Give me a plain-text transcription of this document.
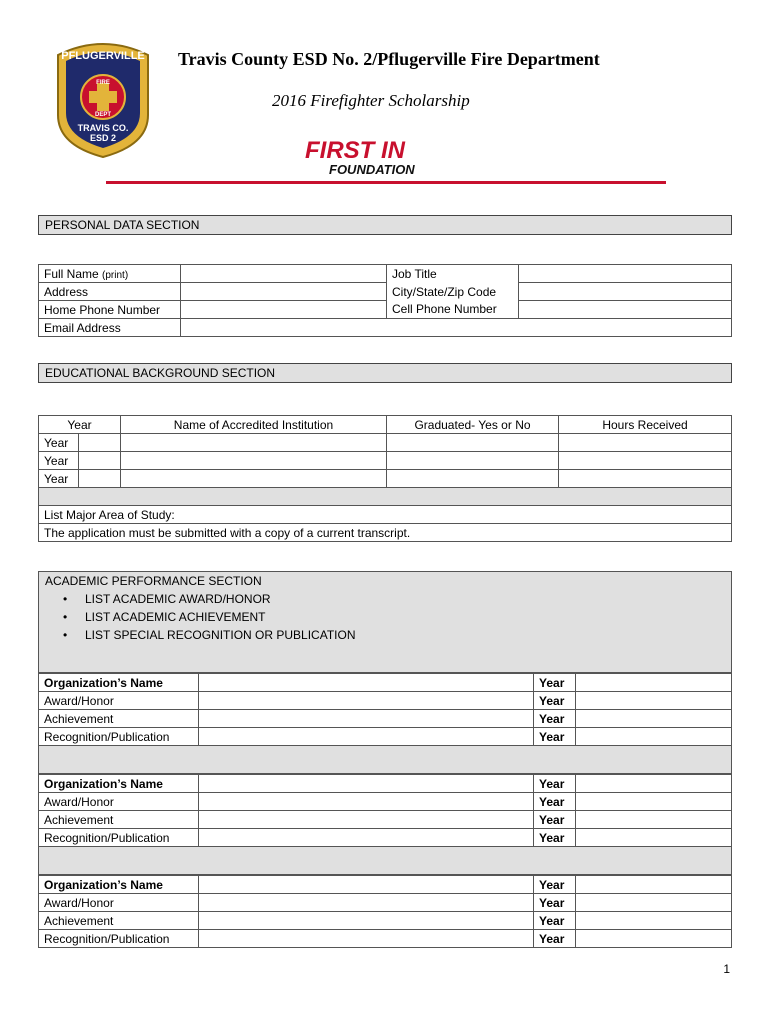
PFLUGERVILLE
FIRE
DEPT
TRAVIS CO.
ESD 2
Travis County ESD No. 2/Pflugerville Fire Department
2016 Firefighter Scholarship
FIRST IN
FOUNDATION
PERSONAL DATA SECTION
Full Name (print)		Job Title	
Address		City/State/Zip Code	
Home Phone Number		Cell Phone Number	
Email Address			
EDUCATIONAL BACKGROUND SECTION
Year		Name of Accredited Institution	Graduated- Yes or No	Hours Received
Year				
Year				
Year				

List Major Area of Study:				
The application must be submitted with a copy of a current transcript.				
ACADEMIC PERFORMANCE SECTION
• LIST ACADEMIC AWARD/HONOR
• LIST ACADEMIC ACHIEVEMENT
• LIST SPECIAL RECOGNITION OR PUBLICATION
Organization’s Name		Year	
Award/Honor		Year	
Achievement		Year	
Recognition/Publication		Year	
Organization’s Name		Year	
Award/Honor		Year	
Achievement		Year	
Recognition/Publication		Year	
Organization’s Name		Year	
Award/Honor		Year	
Achievement		Year	
Recognition/Publication		Year	
1
